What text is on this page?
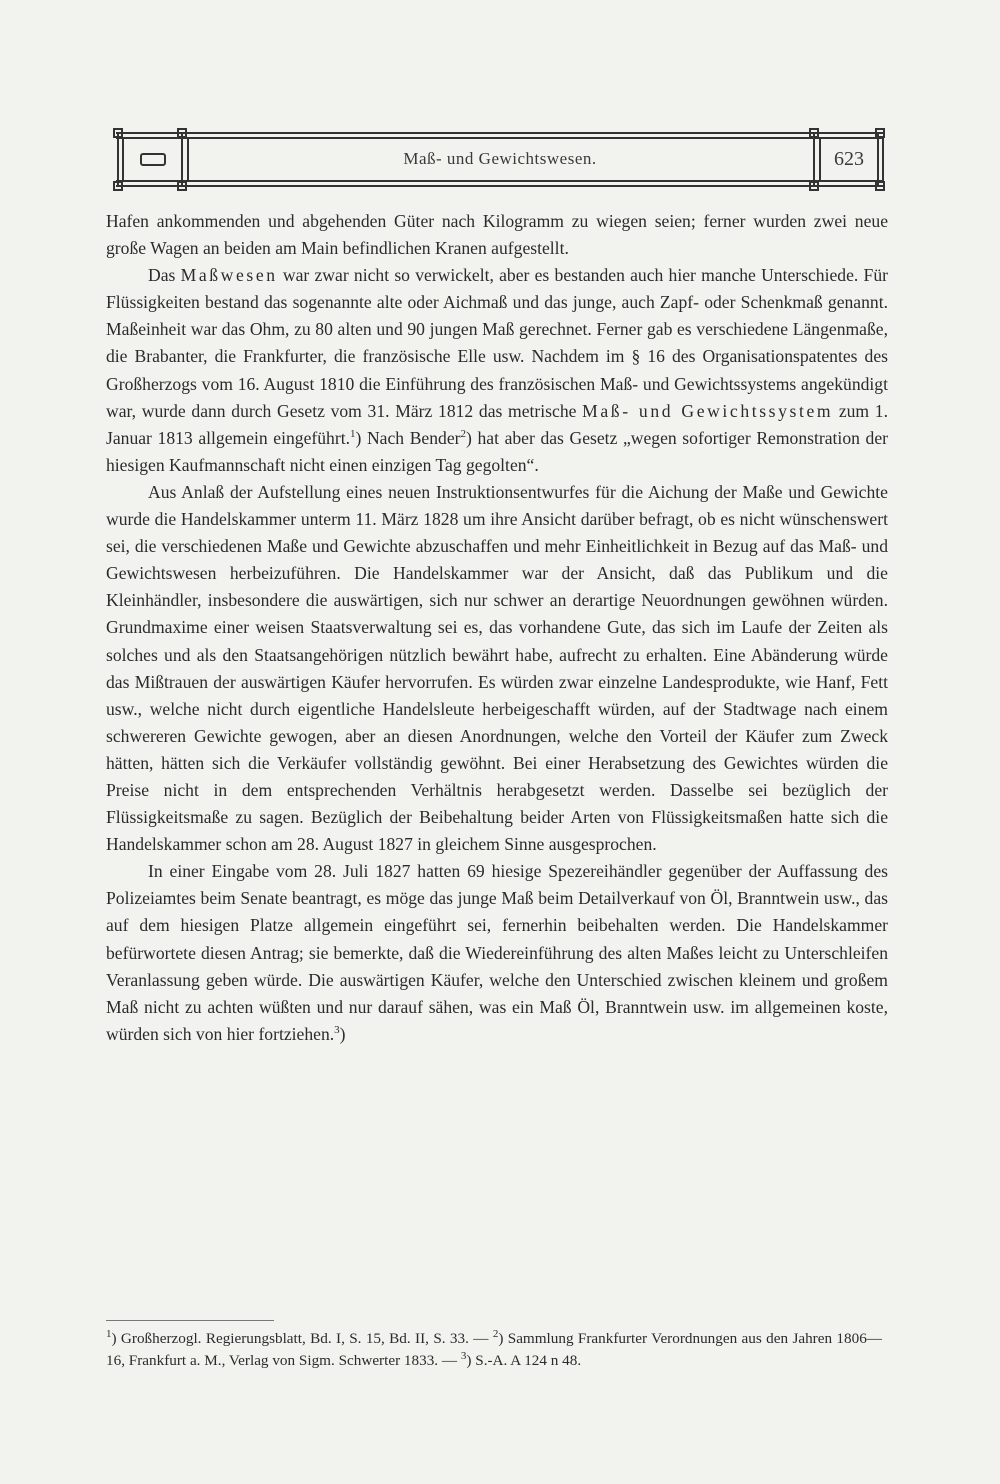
Maß- und Gewichtswesen.	623

Hafen ankommenden und abgehenden Güter nach Kilogramm zu wiegen seien; ferner wurden zwei neue große Wagen an beiden am Main befindlichen Kranen aufgestellt.

Das Maßwesen war zwar nicht so verwickelt, aber es bestanden auch hier manche Unterschiede. Für Flüssigkeiten bestand das sogenannte alte oder Aichmaß und das junge, auch Zapf- oder Schenkmaß genannt. Maßeinheit war das Ohm, zu 80 alten und 90 jungen Maß gerechnet. Ferner gab es verschiedene Längenmaße, die Brabanter, die Frankfurter, die französische Elle usw. Nachdem im § 16 des Organisationspatentes des Großherzogs vom 16. August 1810 die Einführung des französischen Maß- und Gewichtssystems angekündigt war, wurde dann durch Gesetz vom 31. März 1812 das metrische Maß- und Gewichtssystem zum 1. Januar 1813 allgemein eingeführt.$^1$) Nach Bender$^2$) hat aber das Gesetz „wegen sofortiger Remonstration der hiesigen Kaufmannschaft nicht einen einzigen Tag gegolten“.

Aus Anlaß der Aufstellung eines neuen Instruktionsentwurfes für die Aichung der Maße und Gewichte wurde die Handelskammer unterm 11. März 1828 um ihre Ansicht darüber befragt, ob es nicht wünschenswert sei, die verschiedenen Maße und Gewichte abzuschaffen und mehr Einheitlichkeit in Bezug auf das Maß- und Gewichtswesen herbeizuführen. Die Handelskammer war der Ansicht, daß das Publikum und die Kleinhändler, insbesondere die auswärtigen, sich nur schwer an derartige Neuordnungen gewöhnen würden. Grundmaxime einer weisen Staatsverwaltung sei es, das vorhandene Gute, das sich im Laufe der Zeiten als solches und als den Staatsangehörigen nützlich bewährt habe, aufrecht zu erhalten. Eine Abänderung würde das Mißtrauen der auswärtigen Käufer hervorrufen. Es würden zwar einzelne Landesprodukte, wie Hanf, Fett usw., welche nicht durch eigentliche Handelsleute herbeigeschafft würden, auf der Stadtwage nach einem schwereren Gewichte gewogen, aber an diesen Anordnungen, welche den Vorteil der Käufer zum Zweck hätten, hätten sich die Verkäufer vollständig gewöhnt. Bei einer Herabsetzung des Gewichtes würden die Preise nicht in dem entsprechenden Verhältnis herabgesetzt werden. Dasselbe sei bezüglich der Flüssigkeitsmaße zu sagen. Bezüglich der Beibehaltung beider Arten von Flüssigkeitsmaßen hatte sich die Handelskammer schon am 28. August 1827 in gleichem Sinne ausgesprochen.

In einer Eingabe vom 28. Juli 1827 hatten 69 hiesige Spezereihändler gegenüber der Auffassung des Polizeiamtes beim Senate beantragt, es möge das junge Maß beim Detailverkauf von Öl, Branntwein usw., das auf dem hiesigen Platze allgemein eingeführt sei, fernerhin beibehalten werden. Die Handelskammer befürwortete diesen Antrag; sie bemerkte, daß die Wiedereinführung des alten Maßes leicht zu Unterschleifen Veranlassung geben würde. Die auswärtigen Käufer, welche den Unterschied zwischen kleinem und großem Maß nicht zu achten wüßten und nur darauf sähen, was ein Maß Öl, Branntwein usw. im allgemeinen koste, würden sich von hier fortziehen.$^3$)

$^1$) Großherzogl. Regierungsblatt, Bd. I, S. 15, Bd. II, S. 33. — $^2$) Sammlung Frankfurter Verordnungen aus den Jahren 1806—16, Frankfurt a. M., Verlag von Sigm. Schwerter 1833. — $^3$) S.-A. A 124 n 48.
